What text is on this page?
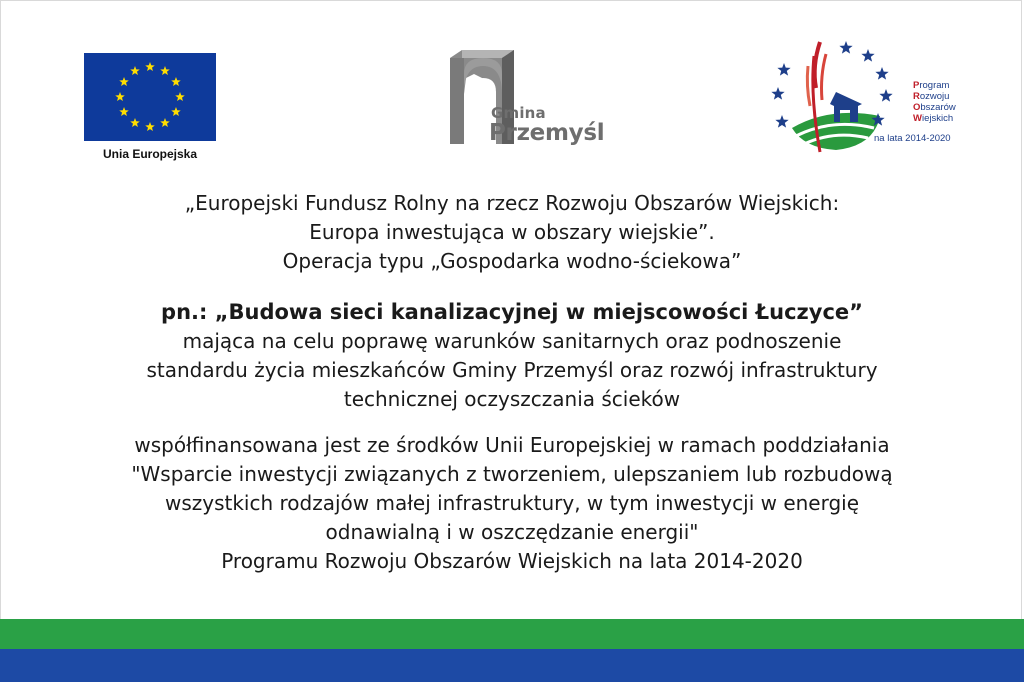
Unia Europejska
Gmina
Przemyśl
Program
Rozwoju
Obszarów
Wiejskich
na lata 2014-2020
„Europejski Fundusz Rolny na rzecz Rozwoju Obszarów Wiejskich:
Europa inwestująca w obszary wiejskie”.
Operacja typu „Gospodarka wodno-ściekowa”
pn.: „Budowa sieci kanalizacyjnej w miejscowości Łuczyce”
mająca na celu poprawę warunków sanitarnych oraz podnoszenie
standardu życia mieszkańców Gminy Przemyśl oraz rozwój infrastruktury
technicznej oczyszczania ścieków
współfinansowana jest ze środków Unii Europejskiej w ramach poddziałania
"Wsparcie inwestycji związanych z tworzeniem, ulepszaniem lub rozbudową
wszystkich rodzajów małej infrastruktury, w tym inwestycji w energię
odnawialną i w oszczędzanie energii"
Programu Rozwoju Obszarów Wiejskich na lata 2014-2020
